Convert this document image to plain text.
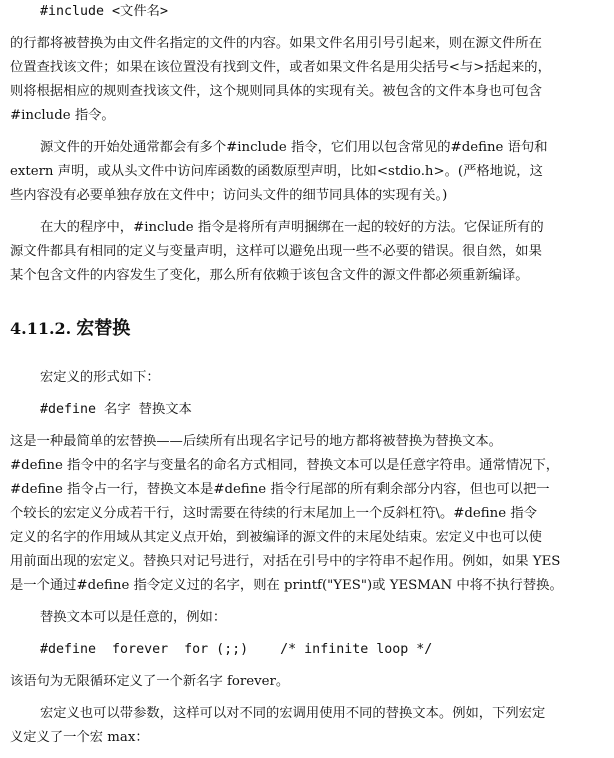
#include <文件名>
的行都将被替换为由文件名指定的文件的内容。如果文件名用引号引起来，则在源文件所在
位置查找该文件；如果在该位置没有找到文件，或者如果文件名是用尖括号<与>括起来的，
则将根据相应的规则查找该文件，这个规则同具体的实现有关。被包含的文件本身也可包含
#include 指令。
源文件的开始处通常都会有多个#include 指令，它们用以包含常见的#define 语句和
extern 声明，或从头文件中访问库函数的函数原型声明，比如<stdio.h>。(严格地说，这
些内容没有必要单独存放在文件中；访问头文件的细节同具体的实现有关。)
在大的程序中，#include 指令是将所有声明捆绑在一起的较好的方法。它保证所有的
源文件都具有相同的定义与变量声明，这样可以避免出现一些不必要的错误。很自然，如果
某个包含文件的内容发生了变化，那么所有依赖于该包含文件的源文件都必须重新编译。
4.11.2. 宏替换
宏定义的形式如下：
#define 名字 替换文本
这是一种最简单的宏替换——后续所有出现名字记号的地方都将被替换为替换文本。
#define 指令中的名字与变量名的命名方式相同，替换文本可以是任意字符串。通常情况下，
#define 指令占一行，替换文本是#define 指令行尾部的所有剩余部分内容，但也可以把一
个较长的宏定义分成若干行，这时需要在待续的行末尾加上一个反斜杠符\。#define 指令
定义的名字的作用域从其定义点开始，到被编译的源文件的末尾处结束。宏定义中也可以使
用前面出现的宏定义。替换只对记号进行，对括在引号中的字符串不起作用。例如，如果 YES
是一个通过#define 指令定义过的名字，则在 printf("YES")或 YESMAN 中将不执行替换。
替换文本可以是任意的，例如：
#define  forever  for (;;)    /* infinite loop */
该语句为无限循环定义了一个新名字 forever。
宏定义也可以带参数，这样可以对不同的宏调用使用不同的替换文本。例如，下列宏定
义定义了一个宏 max：
